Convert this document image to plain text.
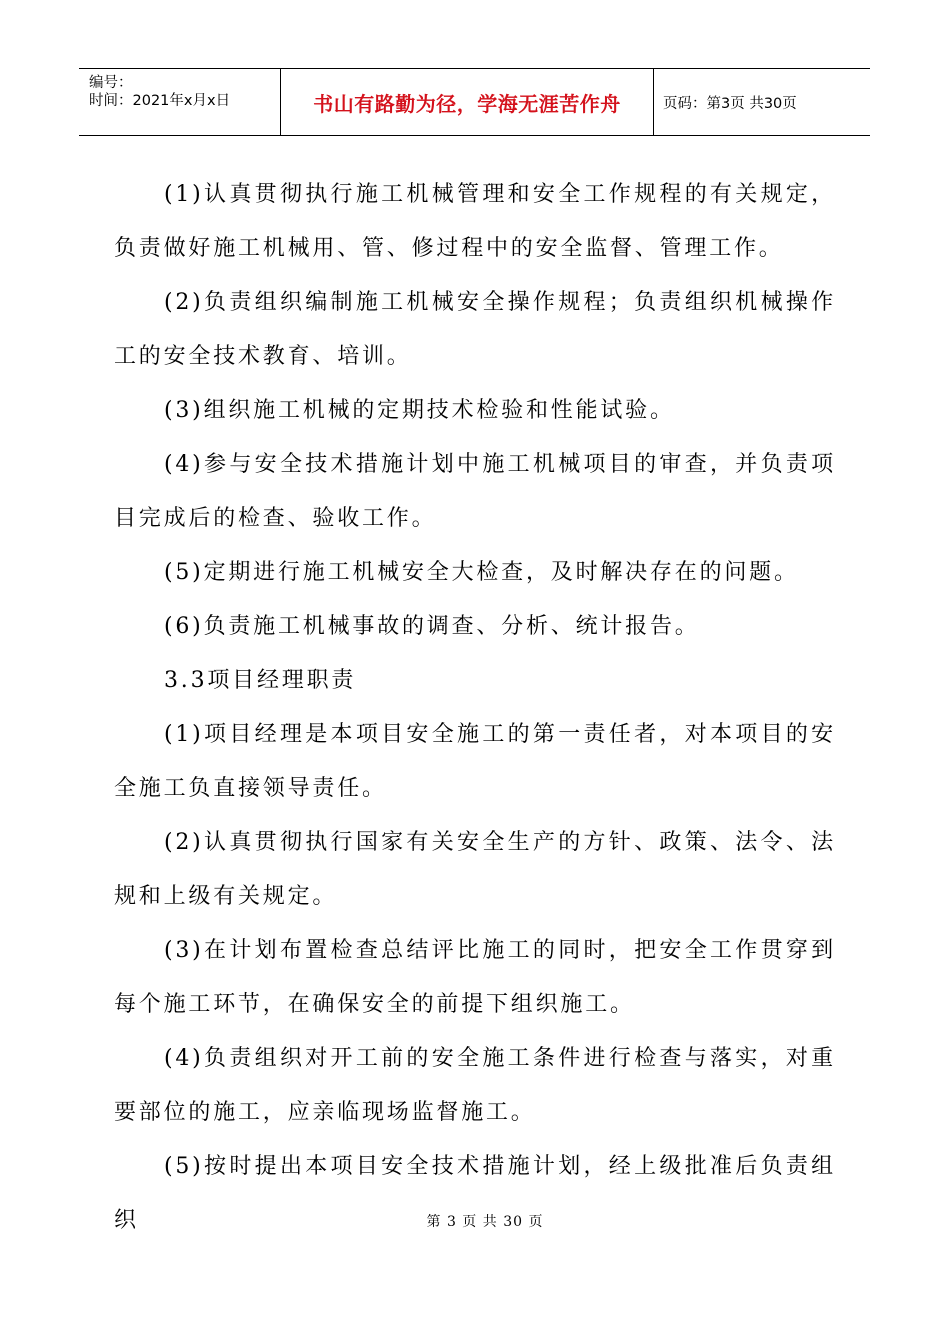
编号：
时间：2021年x月x日	书山有路勤为径，学海无涯苦作舟	页码：第3页 共30页

(1)认真贯彻执行施工机械管理和安全工作规程的有关规定，负责做好施工机械用、管、修过程中的安全监督、管理工作。

(2)负责组织编制施工机械安全操作规程；负责组织机械操作工的安全技术教育、培训。

(3)组织施工机械的定期技术检验和性能试验。

(4)参与安全技术措施计划中施工机械项目的审查，并负责项目完成后的检查、验收工作。

(5)定期进行施工机械安全大检查，及时解决存在的问题。

(6)负责施工机械事故的调查、分析、统计报告。

3.3项目经理职责

(1)项目经理是本项目安全施工的第一责任者，对本项目的安全施工负直接领导责任。

(2)认真贯彻执行国家有关安全生产的方针、政策、法令、法规和上级有关规定。

(3)在计划布置检查总结评比施工的同时，把安全工作贯穿到每个施工环节，在确保安全的前提下组织施工。

(4)负责组织对开工前的安全施工条件进行检查与落实，对重要部位的施工，应亲临现场监督施工。

(5)按时提出本项目安全技术措施计划，经上级批准后负责组织	第 3 页 共 30 页
